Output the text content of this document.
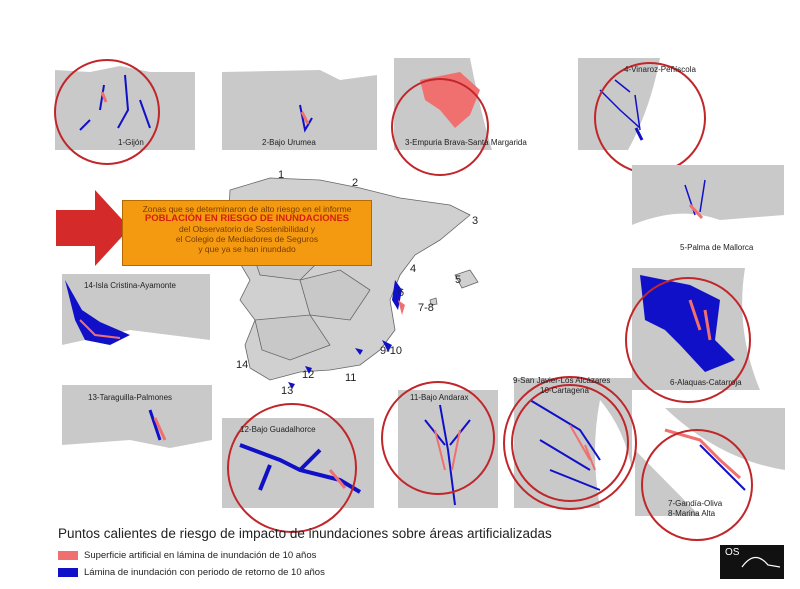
1
2
3
4
5
6
7-8
9-10
11
12
13
14
1-Gijón	2-Bajo Urumea	3-Empuria Brava-Santa Margarida
4-Vinaroz-Peñíscola
5-Palma de Mallorca
6-Alaquas-Catarroja
7-Gandía-Oliva
8-Marina Alta
9-San Javier-Los Alcázares
10-Cartagena
11-Bajo Andarax
12-Bajo Guadalhorce
13-Taraguilla-Palmones
14-Isla Cristina-Ayamonte
Zonas que se determinaron de alto riesgo en el informe
POBLACIÓN EN RIESGO DE INUNDACIONES
del Observatorio de Sostenibilidad y
el Colegio de Mediadores de Seguros
y que ya se han inundado
Puntos calientes de riesgo de impacto de inundaciones sobre áreas artificializadas
Superficie artificial en lámina de inundación de 10 años
Lámina de inundación con periodo de retorno de 10 años
OS
